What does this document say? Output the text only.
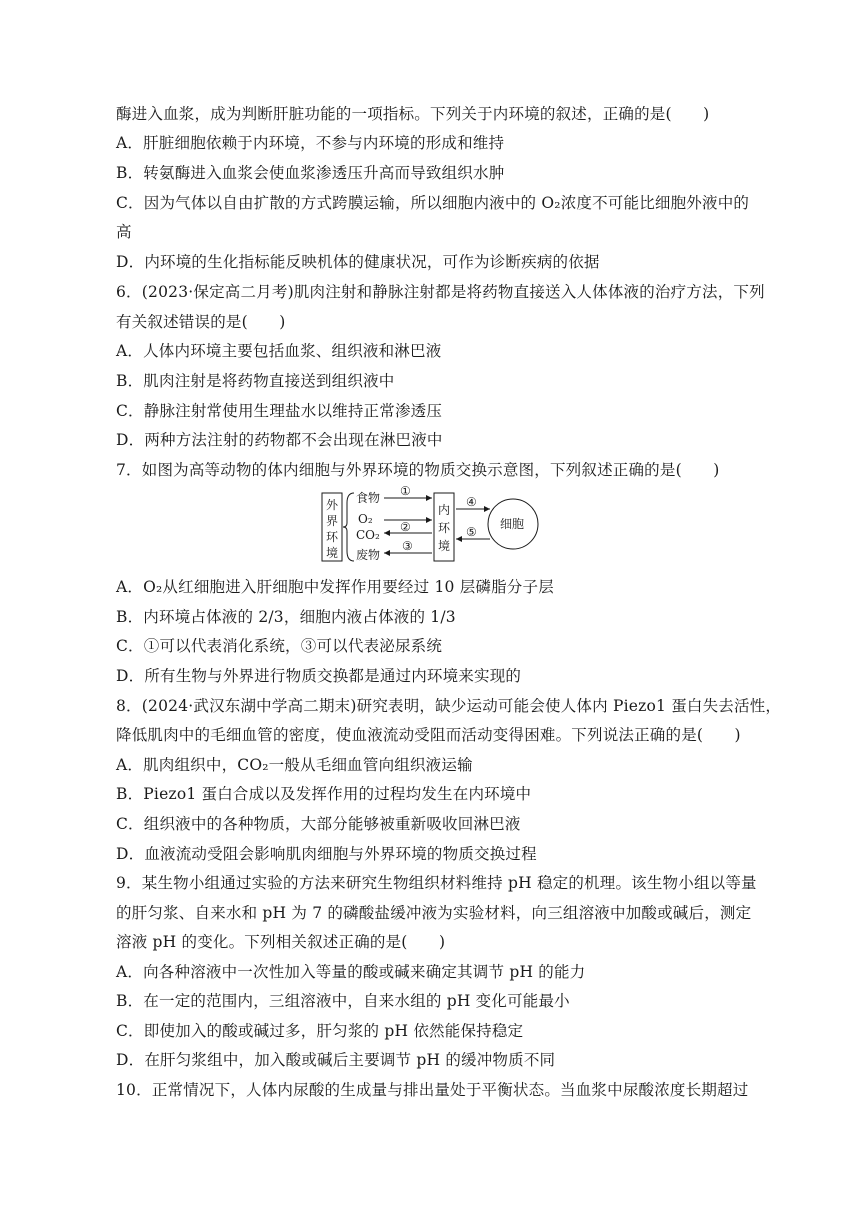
酶进入血浆，成为判断肝脏功能的一项指标。下列关于内环境的叙述，正确的是(　　)
A．肝脏细胞依赖于内环境，不参与内环境的形成和维持
B．转氨酶进入血浆会使血浆渗透压升高而导致组织水肿
C．因为气体以自由扩散的方式跨膜运输，所以细胞内液中的 O₂浓度不可能比细胞外液中的
高
D．内环境的生化指标能反映机体的健康状况，可作为诊断疾病的依据
6．(2023·保定高二月考)肌肉注射和静脉注射都是将药物直接送入人体体液的治疗方法，下列
有关叙述错误的是(　　)
A．人体内环境主要包括血浆、组织液和淋巴液
B．肌肉注射是将药物直接送到组织液中
C．静脉注射常使用生理盐水以维持正常渗透压
D．两种方法注射的药物都不会出现在淋巴液中
7．如图为高等动物的体内细胞与外界环境的物质交换示意图，下列叙述正确的是(　　)
外
界
环
境
食物
O₂
CO₂
废物
①
②
③
内
环
境
④
⑤
细胞
A．O₂从红细胞进入肝细胞中发挥作用要经过 10 层磷脂分子层
B．内环境占体液的 2/3，细胞内液占体液的 1/3
C．①可以代表消化系统，③可以代表泌尿系统
D．所有生物与外界进行物质交换都是通过内环境来实现的
8．(2024·武汉东湖中学高二期末)研究表明，缺少运动可能会使人体内 Piezo1 蛋白失去活性，
降低肌肉中的毛细血管的密度，使血液流动受阻而活动变得困难。下列说法正确的是(　　)
A．肌肉组织中，CO₂一般从毛细血管向组织液运输
B．Piezo1 蛋白合成以及发挥作用的过程均发生在内环境中
C．组织液中的各种物质，大部分能够被重新吸收回淋巴液
D．血液流动受阻会影响肌肉细胞与外界环境的物质交换过程
9．某生物小组通过实验的方法来研究生物组织材料维持 pH 稳定的机理。该生物小组以等量
的肝匀浆、自来水和 pH 为 7 的磷酸盐缓冲液为实验材料，向三组溶液中加酸或碱后，测定
溶液 pH 的变化。下列相关叙述正确的是(　　)
A．向各种溶液中一次性加入等量的酸或碱来确定其调节 pH 的能力
B．在一定的范围内，三组溶液中，自来水组的 pH 变化可能最小
C．即使加入的酸或碱过多，肝匀浆的 pH 依然能保持稳定
D．在肝匀浆组中，加入酸或碱后主要调节 pH 的缓冲物质不同
10．正常情况下，人体内尿酸的生成量与排出量处于平衡状态。当血浆中尿酸浓度长期超过
